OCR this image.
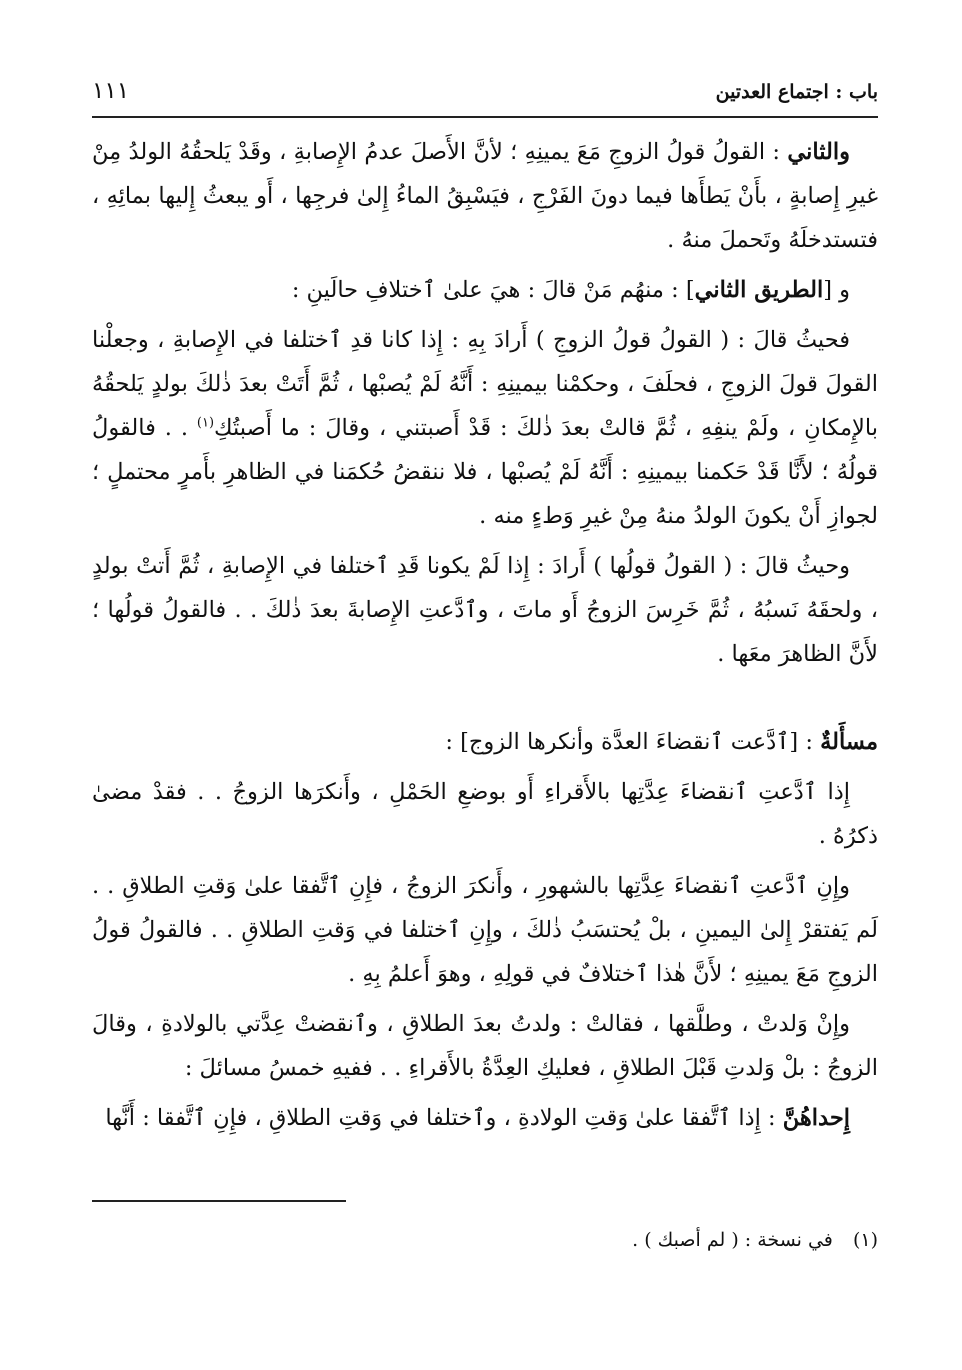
باب : اجتماع العدتين
١١١

والثاني : القولُ قولُ الزوجِ مَعَ يمينِهِ ؛ لأنَّ الأَصلَ عدمُ الإِصابةِ ، وقَدْ يَلحقُهُ الولدُ مِنْ غيرِ إِصابةٍ ، بأَنْ يَطأَها فيما دونَ الفَرْجِ ، فيَسْبِقُ الماءُ إِلىٰ فرجِها ، أَو يبعثُ إِليها بمائِهِ ، فتستدخلَهُ وتَحملَ منهُ .

و [الطريق الثاني] : منهُم مَنْ قالَ : هيَ علىٰ ٱختلافِ حالَينِ :

فحيثُ قالَ : ( القولُ قولُ الزوجِ ) أَرادَ بِهِ : إِذا كانا قدِ ٱختلفا في الإِصابةِ ، وجعلْنا القولَ قولَ الزوجِ ، فحلَفَ ، وحكمْنا بيمينِهِ : أَنَّهُ لَمْ يُصبْها ، ثُمَّ أَتَتْ بعدَ ذٰلكَ بولدٍ يَلحقُهُ بالإِمكانِ ، ولَمْ ينفِهِ ، ثُمَّ قالتْ بعدَ ذٰلكَ : قَدْ أَصبتني ، وقالَ : ما أَصبتُكِ$^{(١)}$ . . فالقولُ قولُهُ ؛ لأَنَّا قَدْ حَكمنا بيمينِهِ : أَنَّهُ لَمْ يُصبْها ، فلا ننقضُ حُكمَنا في الظاهرِ بأَمرٍ محتملٍ ؛ لجوازِ أَنْ يكونَ الولدُ منهُ مِنْ غيرِ وَطءٍ منه .

وحيثُ قالَ : ( القولُ قولُها ) أَرادَ : إِذا لَمْ يكونا قَدِ ٱختلفا في الإِصابةِ ، ثُمَّ أَتتْ بولدٍ ، ولحقَهُ نَسبُهُ ، ثُمَّ خَرِسَ الزوجُ أَو ماتَ ، وٱدَّعتِ الإِصابةَ بعدَ ذٰلكَ . . فالقولُ قولُها ؛ لأَنَّ الظاهرَ معَها .

مسأَلةٌ : [ٱدَّعت ٱنقضاءَ العدَّة وأنكرها الزوج] :

إِذا ٱدَّعتِ ٱنقضاءَ عِدَّتِها بالأَقراءِ أَو بوضعِ الحَمْلِ ، وأَنكرَها الزوجُ . . فقدْ مضىٰ ذكرُهُ .

وإِنِ ٱدَّعتِ ٱنقضاءَ عِدَّتِها بالشهورِ ، وأَنكرَ الزوجُ ، فإِنِ ٱتَّفقا علىٰ وَقتِ الطلاقِ . . لَم يَفتقرْ إِلىٰ اليمينِ ، بلْ يُحتسَبُ ذٰلكَ ، وإِنِ ٱختلفا في وَقتِ الطلاقِ . . فالقولُ قولُ الزوجِ مَعَ يمينِهِ ؛ لأَنَّ هٰذا ٱختلافٌ في قولِهِ ، وهوَ أَعلمُ بِهِ .

وإِنْ وَلدتْ ، وطلَّقها ، فقالتْ : ولدتُ بعدَ الطلاقِ ، وٱنقضتْ عِدَّتي بالولادةِ ، وقالَ الزوجُ : بلْ وَلدتِ قَبْلَ الطلاقِ ، فعليكِ العِدَّةُ بالأَقراءِ . . ففيهِ خمسُ مسائلَ :

إِحداهُنَّ : إِذا ٱتَّفقا علىٰ وَقتِ الولادةِ ، وٱختلفا في وَقتِ الطلاقِ ، فإِنِ ٱتَّفقا : أَنَّها

(١) في نسخة : ( لم أصبك ) .
